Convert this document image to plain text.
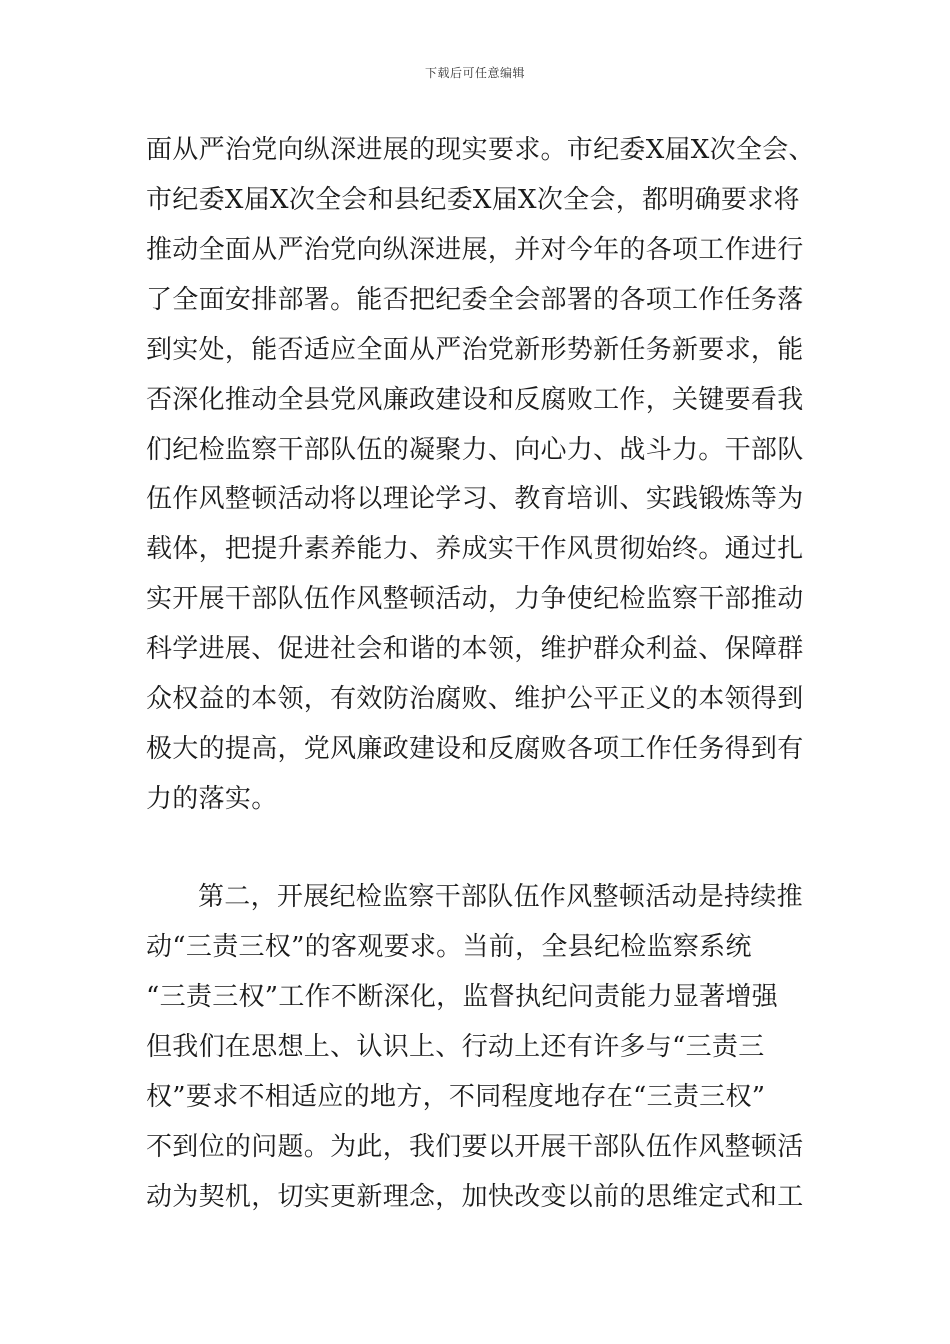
下载后可任意编辑
面从严治党向纵深进展的现实要求。市纪委X届X次全会、
市纪委X届X次全会和县纪委X届X次全会，都明确要求将
推动全面从严治党向纵深进展，并对今年的各项工作进行
了全面安排部署。能否把纪委全会部署的各项工作任务落
到实处，能否适应全面从严治党新形势新任务新要求，能
否深化推动全县党风廉政建设和反腐败工作，关键要看我
们纪检监察干部队伍的凝聚力、向心力、战斗力。干部队
伍作风整顿活动将以理论学习、教育培训、实践锻炼等为
载体，把提升素养能力、养成实干作风贯彻始终。通过扎
实开展干部队伍作风整顿活动，力争使纪检监察干部推动
科学进展、促进社会和谐的本领，维护群众利益、保障群
众权益的本领，有效防治腐败、维护公平正义的本领得到
极大的提高，党风廉政建设和反腐败各项工作任务得到有
力的落实。
第二，开展纪检监察干部队伍作风整顿活动是持续推
动“三责三权”的客观要求。当前，全县纪检监察系统
“三责三权”工作不断深化，监督执纪问责能力显著增强
但我们在思想上、认识上、行动上还有许多与“三责三
权”要求不相适应的地方，不同程度地存在“三责三权”
不到位的问题。为此，我们要以开展干部队伍作风整顿活
动为契机，切实更新理念，加快改变以前的思维定式和工
